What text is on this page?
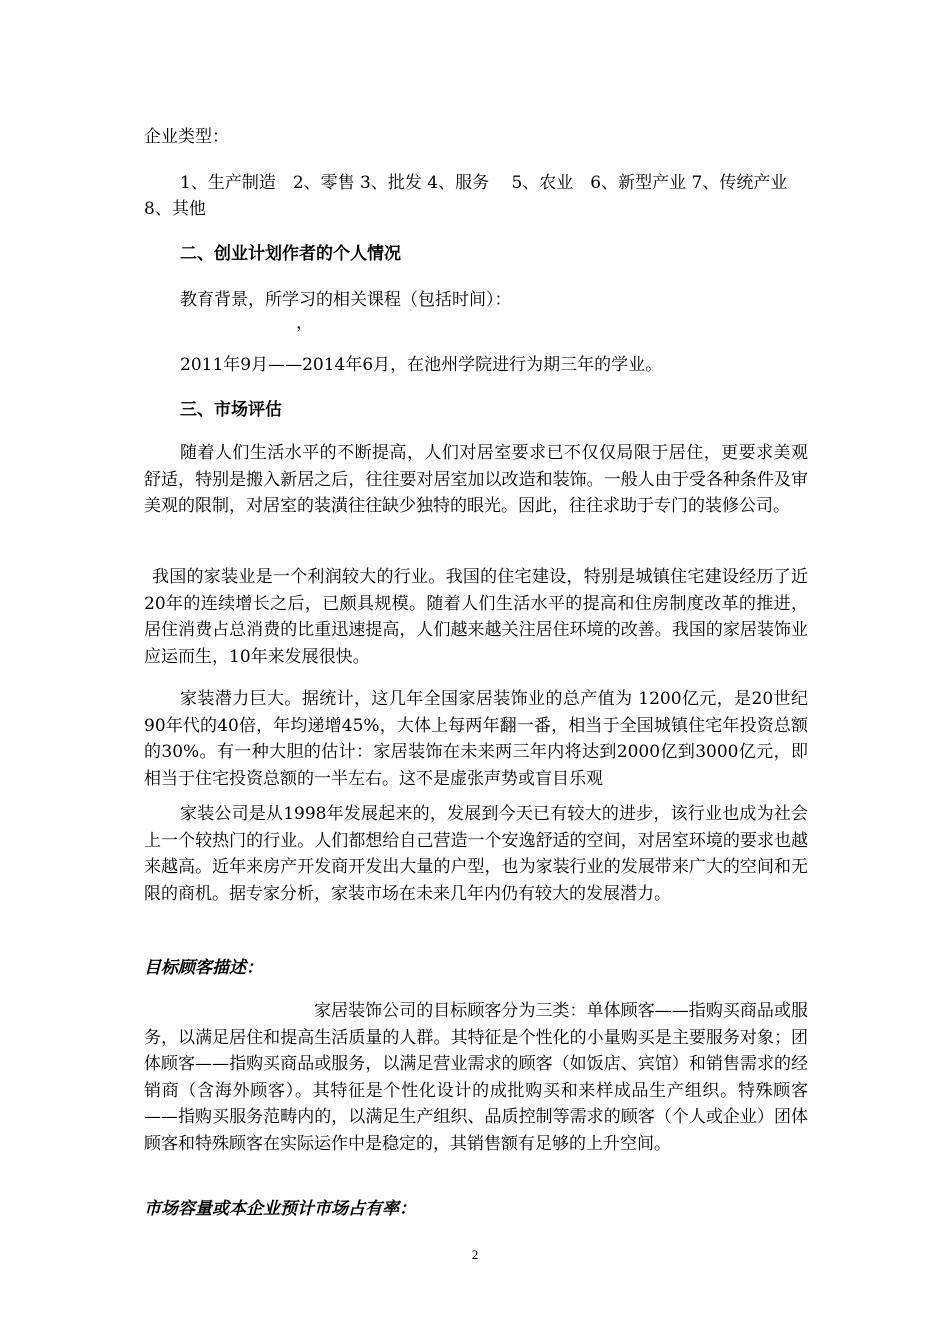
企业类型：
1、生产制造　2、零售 3、批发 4、服务　 5、农业　6、新型产业 7、传统产业
8、其他
二、创业计划作者的个人情况
教育背景，所学习的相关课程（包括时间）：
，
2011年9月——2014年6月，在池州学院进行为期三年的学业。
三、市场评估
随着人们生活水平的不断提高，人们对居室要求已不仅仅局限于居住，更要求美观舒适，特别是搬入新居之后，往往要对居室加以改造和装饰。一般人由于受各种条件及审美观的限制，对居室的装潢往往缺少独特的眼光。因此，往往求助于专门的装修公司。
我国的家装业是一个利润较大的行业。我国的住宅建设，特别是城镇住宅建设经历了近20年的连续增长之后，已颇具规模。随着人们生活水平的提高和住房制度改革的推进，居住消费占总消费的比重迅速提高，人们越来越关注居住环境的改善。我国的家居装饰业应运而生，10年来发展很快。
家装潜力巨大。据统计，这几年全国家居装饰业的总产值为 1200亿元，是20世纪90年代的40倍，年均递增45%，大体上每两年翻一番，相当于全国城镇住宅年投资总额的30%。有一种大胆的估计：家居装饰在未来两三年内将达到2000亿到3000亿元，即相当于住宅投资总额的一半左右。这不是虚张声势或盲目乐观
家装公司是从1998年发展起来的，发展到今天已有较大的进步，该行业也成为社会上一个较热门的行业。人们都想给自己营造一个安逸舒适的空间，对居室环境的要求也越来越高。近年来房产开发商开发出大量的户型，也为家装行业的发展带来广大的空间和无限的商机。据专家分析，家装市场在未来几年内仍有较大的发展潜力。
目标顾客描述：
家居装饰公司的目标顾客分为三类：单体顾客——指购买商品或服务，以满足居住和提高生活质量的人群。其特征是个性化的小量购买是主要服务对象；团体顾客——指购买商品或服务，以满足营业需求的顾客（如饭店、宾馆）和销售需求的经销商（含海外顾客）。其特征是个性化设计的成批购买和来样成品生产组织。特殊顾客——指购买服务范畴内的，以满足生产组织、品质控制等需求的顾客（个人或企业）团体顾客和特殊顾客在实际运作中是稳定的，其销售额有足够的上升空间。
市场容量或本企业预计市场占有率：
2
